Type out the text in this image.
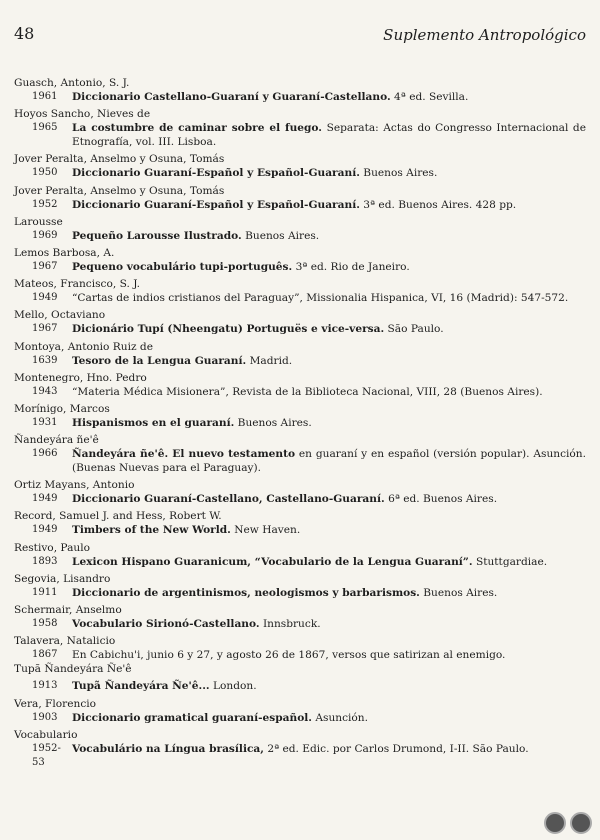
48	Suplemento Antropológico
Guasch, Antonio, S. J.
1961	Diccionario Castellano-Guaraní y Guaraní-Castellano. 4ª ed. Sevilla.
Hoyos Sancho, Nieves de
1965	La costumbre de caminar sobre el fuego. Separata: Actas do Congresso Internacional de Etnografía, vol. III. Lisboa.
Jover Peralta, Anselmo y Osuna, Tomás
1950	Diccionario Guaraní-Español y Español-Guaraní. Buenos Aires.
Jover Peralta, Anselmo y Osuna, Tomás
1952	Diccionario Guaraní-Español y Español-Guaraní. 3ª ed. Buenos Aires. 428 pp.
Larousse
1969	Pequeño Larousse Ilustrado. Buenos Aires.
Lemos Barbosa, A.
1967	Pequeno vocabulário tupi-português. 3ª ed. Rio de Janeiro.
Mateos, Francisco, S. J.
1949	“Cartas de indios cristianos del Paraguay”, Missionalia Hispanica, VI, 16 (Madrid): 547-572.
Mello, Octaviano
1967	Dicionário Tupí (Nheengatu) Portuguës e vice-versa. São Paulo.
Montoya, Antonio Ruiz de
1639	Tesoro de la Lengua Guaraní. Madrid.
Montenegro, Hno. Pedro
1943	“Materia Médica Misionera”, Revista de la Biblioteca Nacional, VIII, 28 (Buenos Aires).
Morínigo, Marcos
1931	Hispanismos en el guaraní. Buenos Aires.
Ñandeyára ñe'ê
1966	Ñandeyára ñe'ê. El nuevo testamento en guaraní y en español (versión popular). Asunción. (Buenas Nuevas para el Paraguay).
Ortiz Mayans, Antonio
1949	Diccionario Guaraní-Castellano, Castellano-Guaraní. 6ª ed. Buenos Aires.
Record, Samuel J. and Hess, Robert W.
1949	Timbers of the New World. New Haven.
Restivo, Paulo
1893	Lexicon Hispano Guaranicum, “Vocabulario de la Lengua Guaraní”. Stuttgardiae.
Segovia, Lisandro
1911	Diccionario de argentinismos, neologismos y barbarismos. Buenos Aires.
Schermair, Anselmo
1958	Vocabulario Sirionó-Castellano. Innsbruck.
Talavera, Natalicio
1867	En Cabichu'i, junio 6 y 27, y agosto 26 de 1867, versos que satirizan al enemigo.
Tupã Ñandeyára Ñe'ê
1913	Tupã Ñandeyára Ñe'ê... London.
Vera, Florencio
1903	Diccionario gramatical guaraní-español. Asunción.
Vocabulario
1952-53
Vocabulário na Língua brasílica, 2ª ed. Edic. por Carlos Drumond, I-II. São Paulo.
